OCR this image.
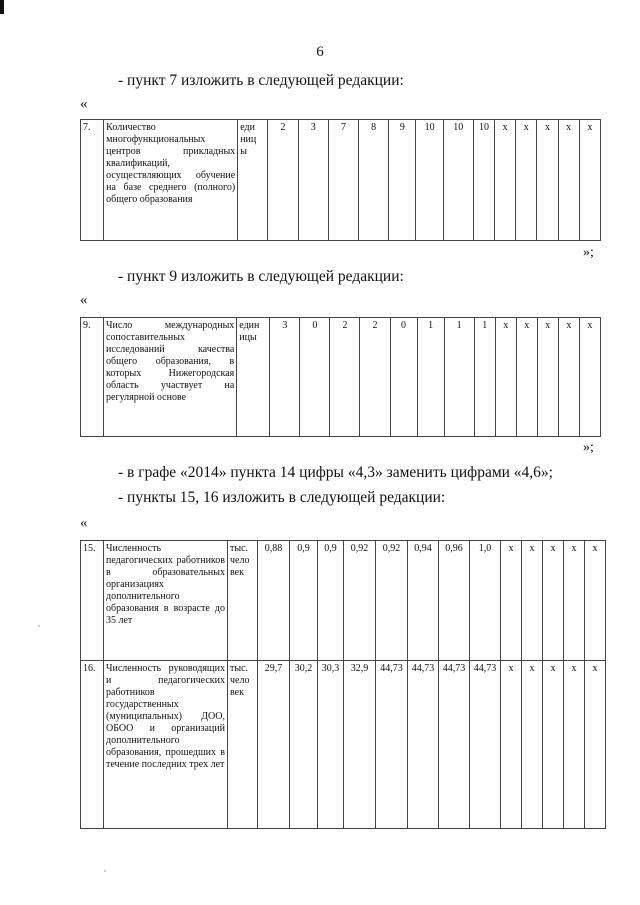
6
- пункт 7 изложить в следующей редакции:
«
7.	Количество многофункциональных центров прикладных квалификаций, осуществляющих обучение на базе среднего (полного) общего образования	еди ниц ы	2	3	7	8	9	10	10	10	x	x	x	x	x
»;
- пункт 9 изложить в следующей редакции:
«
9.	Число международных сопоставительных исследований качества общего образования, в которых Нижегородская область участвует на регулярной основе	един ицы	3	0	2	2	0	1	1	1	x	x	x	x	x
»;
- в графе «2014» пункта 14 цифры «4,3» заменить цифрами «4,6»;
- пункты 15, 16 изложить в следующей редакции:
«
15.	Численность педагогических работников в образовательных организациях дополнительного образования в возрасте до 35 лет	тыс. чело век	0,88	0,9	0,9	0,92	0,92	0,94	0,96	1,0	x	x	x	x	x
16.	Численность руководящих и педагогических работников государственных (муниципальных) ДОО, ОБОО и организаций дополнительного образования, прошедших в течение последних трех лет	тыс. чело век	29,7	30,2	30,3	32,9	44,73	44,73	44,73	44,73	x	x	x	x	x
